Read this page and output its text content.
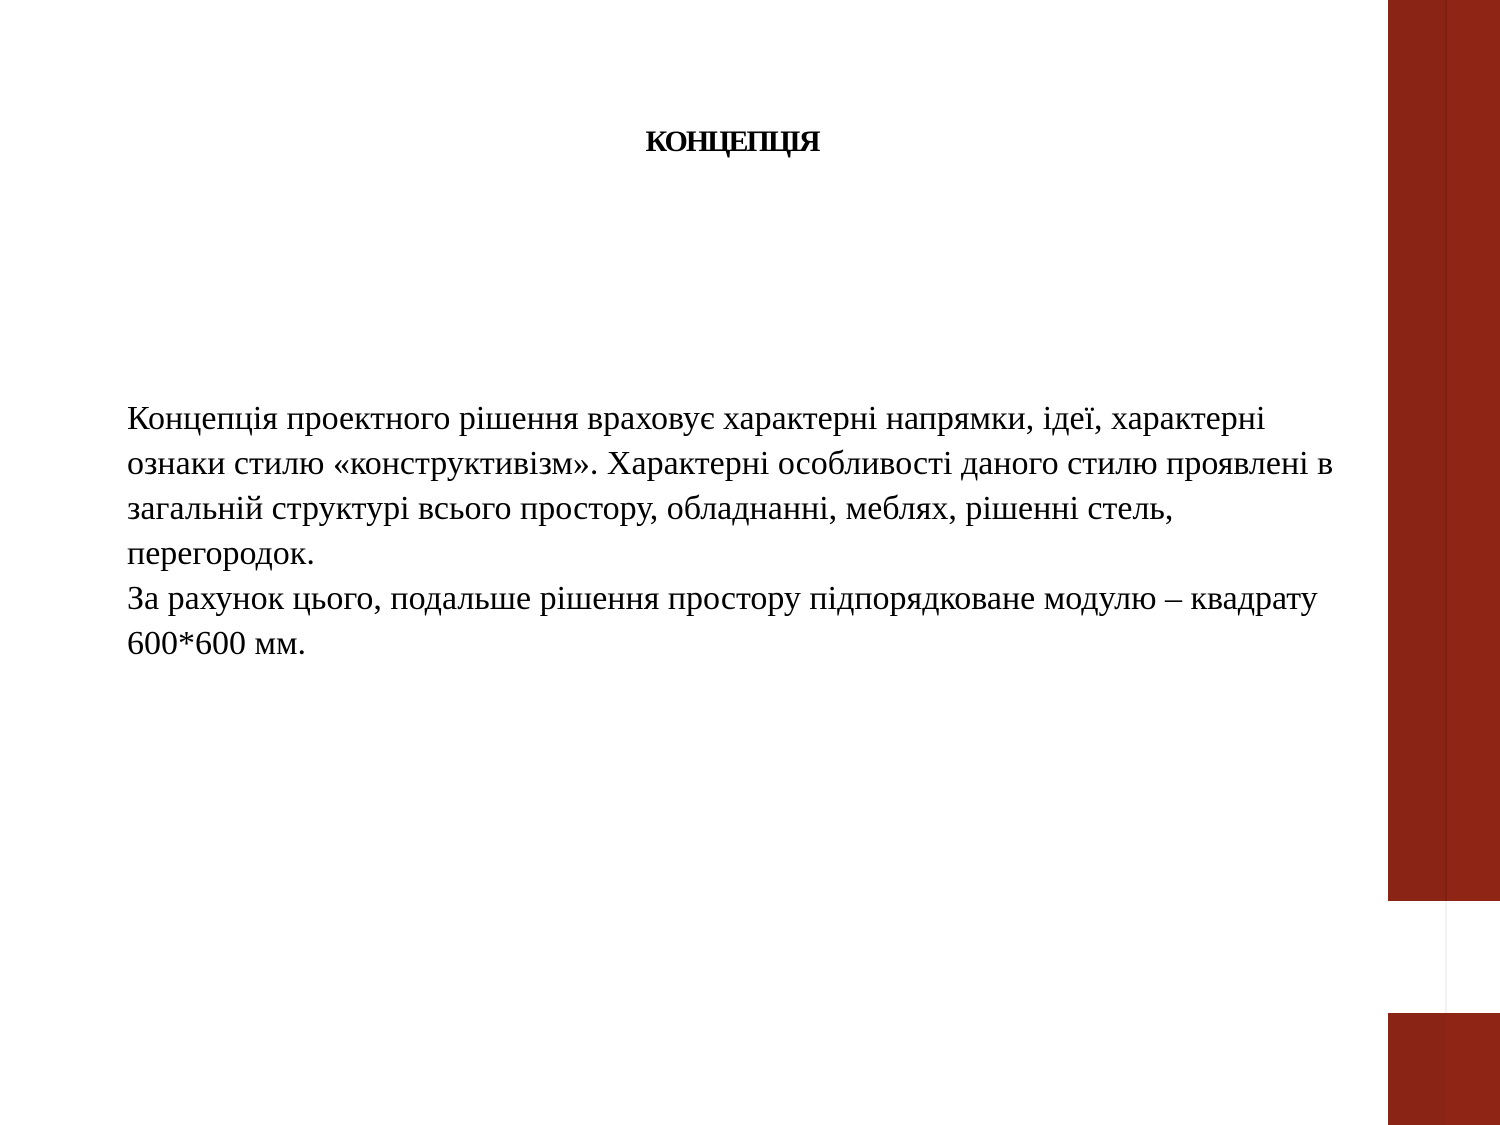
КОНЦЕПЦІЯ

Концепція проектного рішення враховує характерні напрямки, ідеї, характерні ознаки стилю «конструктивізм». Характерні особливості даного стилю проявлені в загальній структурі всього простору, обладнанні, меблях, рішенні стель, перегородок.

За рахунок цього, подальше рішення простору підпорядковане модулю – квадрату 600*600 мм.
